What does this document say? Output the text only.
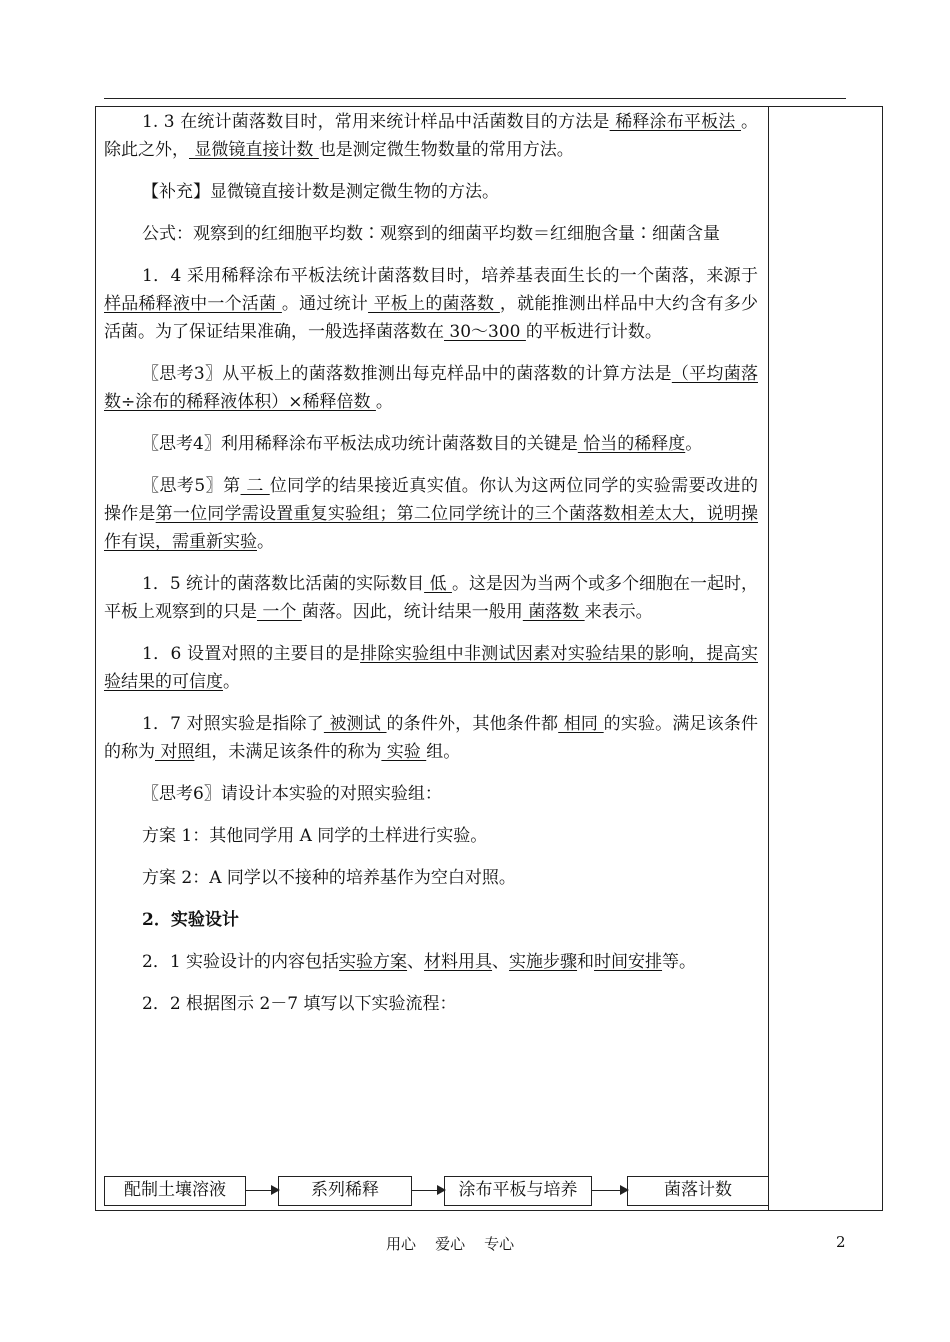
1. 3 在统计菌落数目时，常用来统计样品中活菌数目的方法是 稀释涂布平板法 。除此之外， 显微镜直接计数 也是测定微生物数量的常用方法。

【补充】显微镜直接计数是测定微生物的方法。

公式：观察到的红细胞平均数∶观察到的细菌平均数＝红细胞含量∶细菌含量

1．4 采用稀释涂布平板法统计菌落数目时，培养基表面生长的一个菌落，来源于 样品稀释液中一个活菌 。通过统计 平板上的菌落数 ，就能推测出样品中大约含有多少活菌。为了保证结果准确，一般选择菌落数在 30～300 的平板进行计数。

〖思考3〗从平板上的菌落数推测出每克样品中的菌落数的计算方法是（平均菌落数÷涂布的稀释液体积）×稀释倍数 。

〖思考4〗利用稀释涂布平板法成功统计菌落数目的关键是 恰当的稀释度。

〖思考5〗第 二 位同学的结果接近真实值。你认为这两位同学的实验需要改进的操作是第一位同学需设置重复实验组；第二位同学统计的三个菌落数相差太大，说明操作有误，需重新实验。

1．5 统计的菌落数比活菌的实际数目 低 。这是因为当两个或多个细胞在一起时，平板上观察到的只是 一个 菌落。因此，统计结果一般用 菌落数 来表示。

1．6 设置对照的主要目的是排除实验组中非测试因素对实验结果的影响，提高实验结果的可信度。

1．7 对照实验是指除了 被测试 的条件外，其他条件都 相同 的实验。满足该条件的称为 对照组，未满足该条件的称为 实验 组。

〖思考6〗请设计本实验的对照实验组：

方案 1：其他同学用 A 同学的土样进行实验。

方案 2：A 同学以不接种的培养基作为空白对照。

2．实验设计

2．1 实验设计的内容包括实验方案、材料用具、实施步骤和时间安排等。

2．2 根据图示 2－7 填写以下实验流程：

配制土壤溶液	系列稀释	涂布平板与培养	菌落计数
用心    爱心    专心	2
